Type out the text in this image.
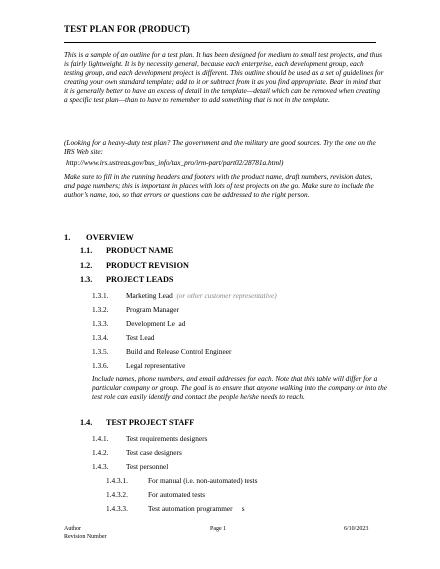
TEST PLAN FOR (PRODUCT)

This is a sample of an outline for a test plan. It has been designed for medium to small test projects, and thus is fairly lightweight. It is by necessity general, because each enterprise, each development group, each testing group, and each development project is different. This outline should be used as a set of guidelines for creating your own standard template; add to it or subtract from it as you find appropriate. Bear in mind that it is generally better to have an excess of detail in the template—detail which can be removed when creating a specific test plan—than to have to remember to add something that is not in the template.

(Looking for a heavy-duty test plan? The government and the military are good sources. Try the one on the IRS Web site:

http://www.irs.ustreas.gov/bus_info/tax_pro/irm-part/part02/28781a.html)

Make sure to fill in the running headers and footers with the product name, draft numbers, revision dates, and page numbers; this is important in places with lots of test projects on the go. Make sure to include the author’s name, too, so that errors or questions can be addressed to the right person.

1. OVERVIEW
1.1. PRODUCT NAME
1.2. PRODUCT REVISION
1.3. PROJECT LEADS
1.3.1. Marketing Lead (or other customer representative)
1.3.2. Program Manager
1.3.3. Development Le  ad
1.3.4. Test Lead
1.3.5. Build and Release Control Engineer
1.3.6. Legal representative

Include names, phone numbers, and email addresses for each. Note that this table will differ for a particular company or group. The goal is to ensure that anyone walking into the company or into the test role can easily identify and contact the people he/she needs to reach.

1.4. TEST PROJECT STAFF
1.4.1. Test requirements designers
1.4.2. Test case designers
1.4.3. Test personnel
1.4.3.1.	For manual (i.e. non-automated) tests
1.4.3.2.	For automated tests
1.4.3.3.	Test automation programmer     s
Author
Revision Number
Page 1	6/10/2023
